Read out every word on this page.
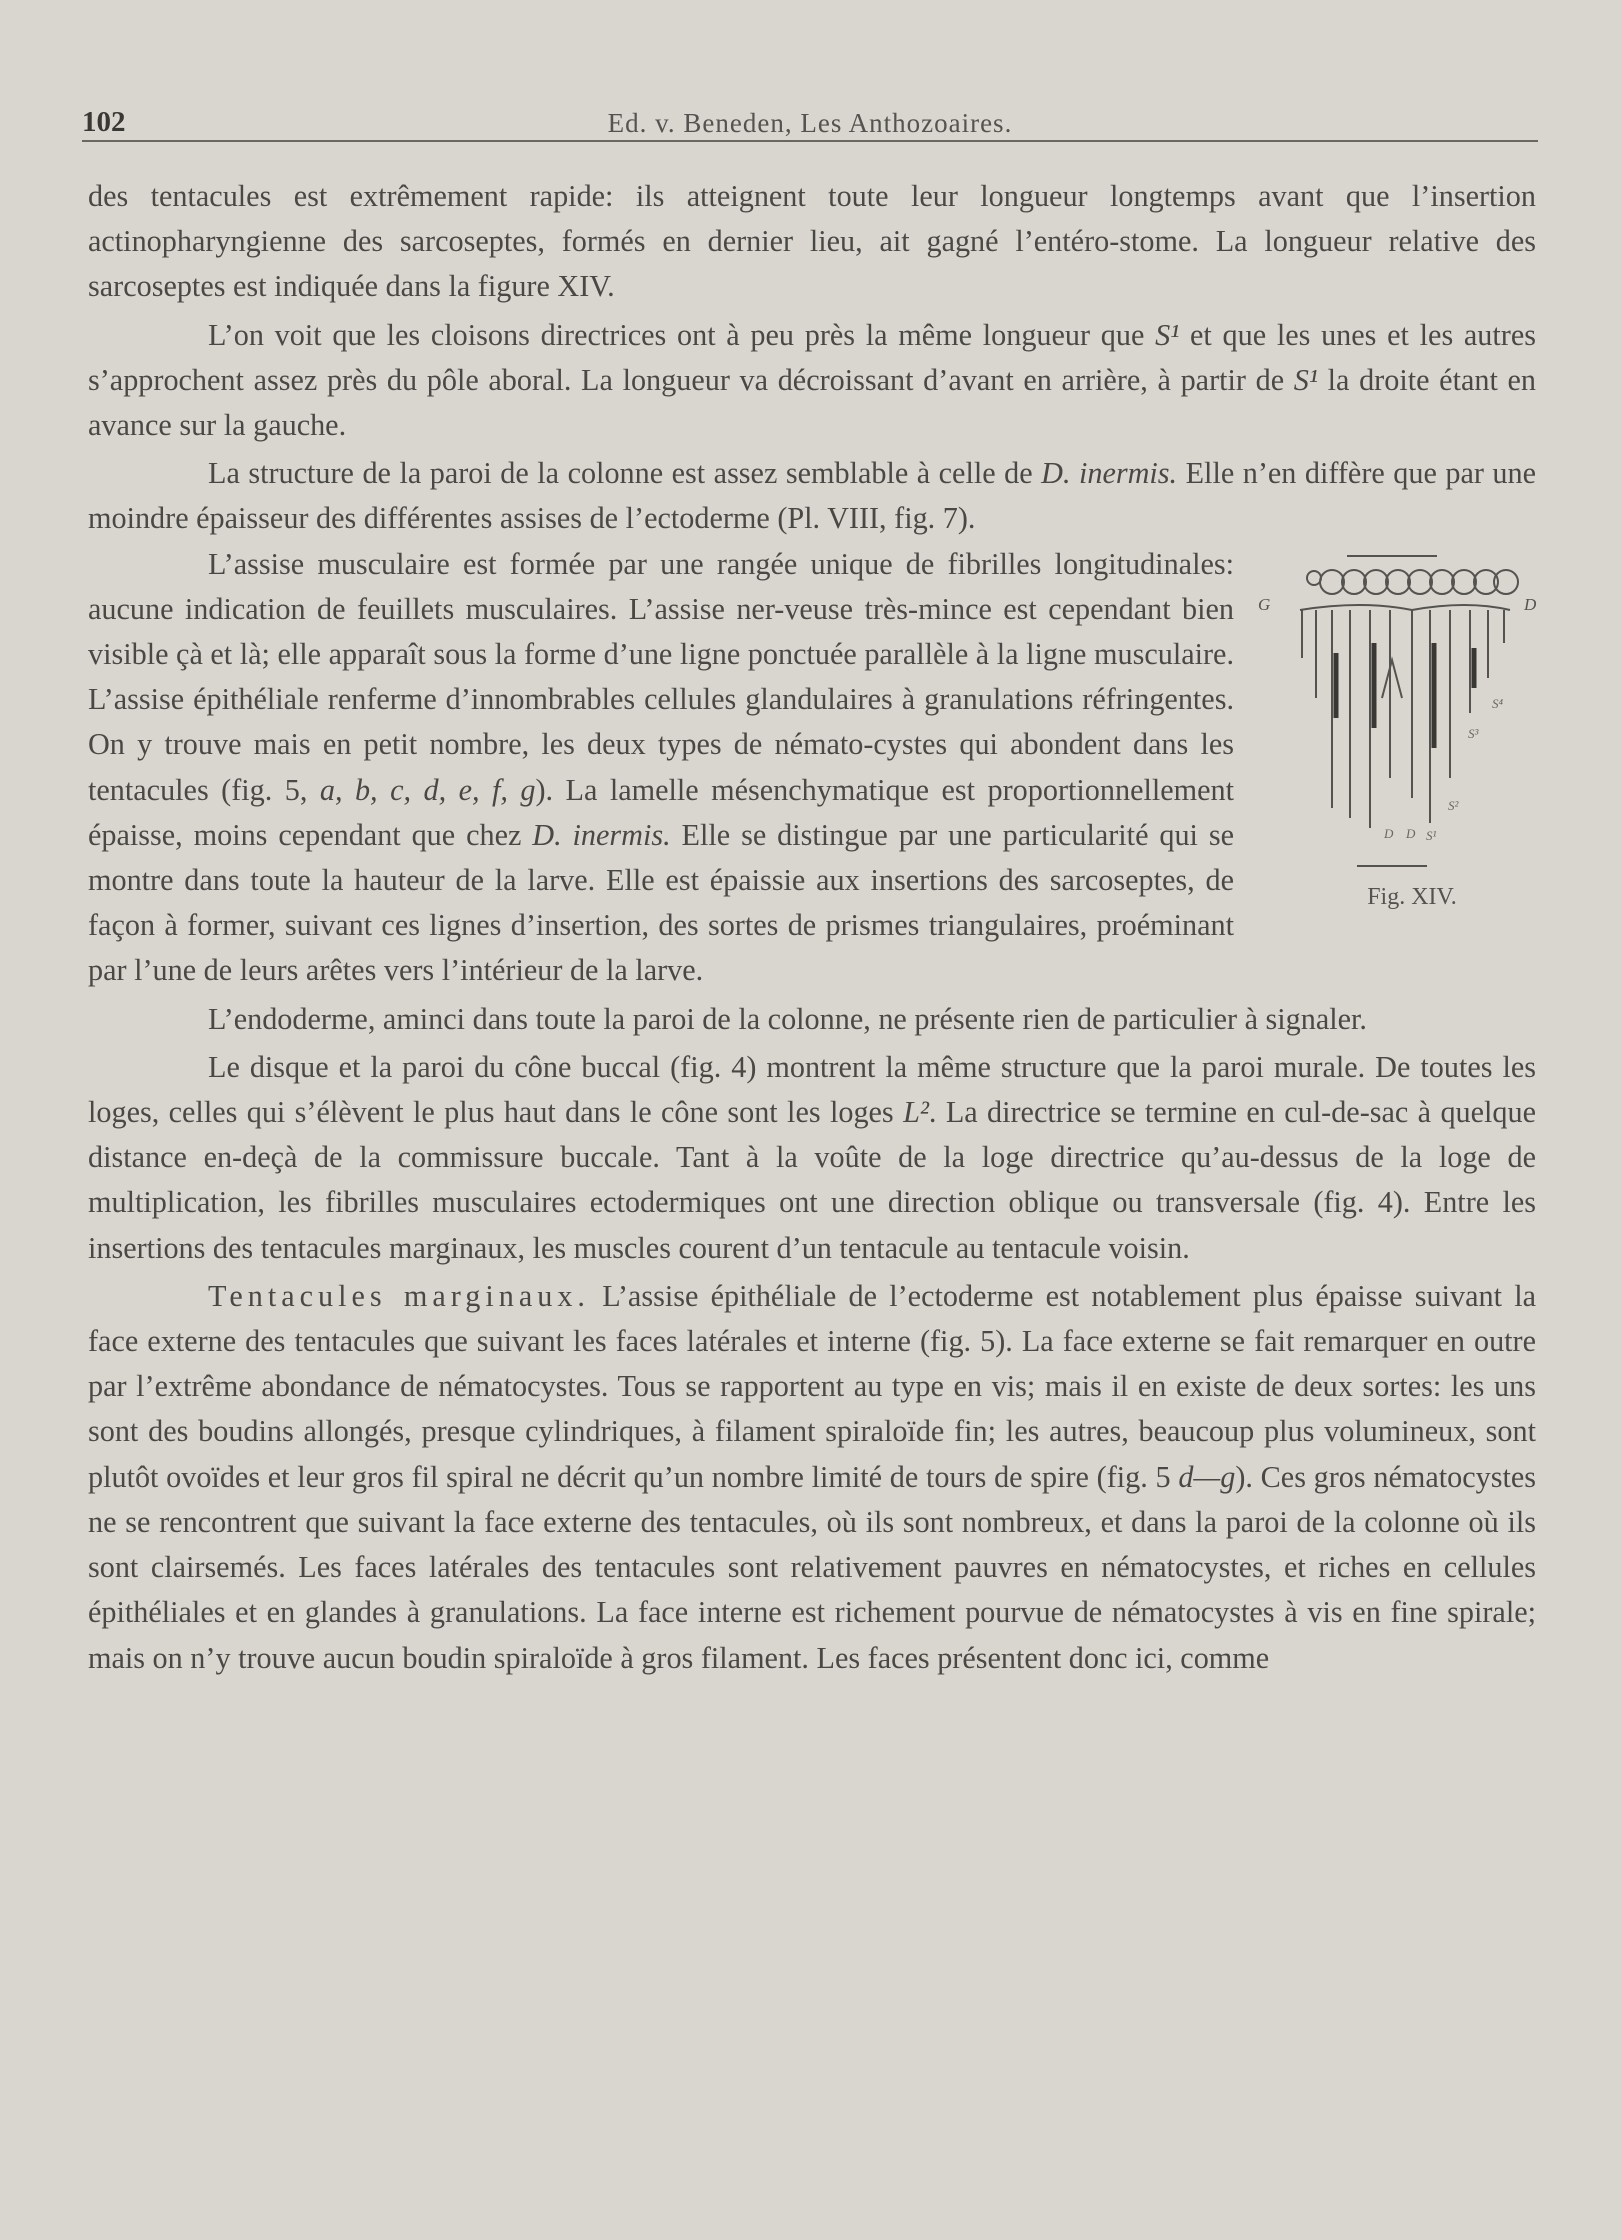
102	Ed. v. Beneden, Les Anthozoaires.

des tentacules est extrêmement rapide: ils atteignent toute leur longueur longtemps avant que l’insertion actinopharyngienne des sarcoseptes, formés en dernier lieu, ait gagné l’entéro-stome. La longueur relative des sarcoseptes est indiquée dans la figure XIV.

L’on voit que les cloisons directrices ont à peu près la même longueur que S¹ et que les unes et les autres s’approchent assez près du pôle aboral. La longueur va décroissant d’avant en arrière, à partir de S¹ la droite étant en avance sur la gauche.

La structure de la paroi de la colonne est assez semblable à celle de D. inermis. Elle n’en diffère que par une moindre épaisseur des différentes assises de l’ectoderme (Pl. VIII, fig. 7).

G	D
S⁴
S³
S²
D D S¹
Fig. XIV.

L’assise musculaire est formée par une rangée unique de fibrilles longitudinales: aucune indication de feuillets musculaires. L’assise ner-veuse très-mince est cependant bien visible çà et là; elle apparaît sous la forme d’une ligne ponctuée parallèle à la ligne musculaire. L’assise épithéliale renferme d’innombrables cellules glandulaires à granulations réfringentes. On y trouve mais en petit nombre, les deux types de némato-cystes qui abondent dans les tentacules (fig. 5, a, b, c, d, e, f, g). La lamelle mésenchymatique est proportionnellement épaisse, moins cependant que chez D. inermis. Elle se distingue par une particularité qui se montre dans toute la hauteur de la larve. Elle est épaissie aux insertions des sarcoseptes, de façon à former, suivant ces lignes d’insertion, des sortes de prismes triangulaires, proéminant par l’une de leurs arêtes vers l’intérieur de la larve.

L’endoderme, aminci dans toute la paroi de la colonne, ne présente rien de particulier à signaler.

Le disque et la paroi du cône buccal (fig. 4) montrent la même structure que la paroi murale. De toutes les loges, celles qui s’élèvent le plus haut dans le cône sont les loges L². La directrice se termine en cul-de-sac à quelque distance en-deçà de la commissure buccale. Tant à la voûte de la loge directrice qu’au-dessus de la loge de multiplication, les fibrilles musculaires ectodermiques ont une direction oblique ou transversale (fig. 4). Entre les insertions des tentacules marginaux, les muscles courent d’un tentacule au tentacule voisin.

Tentacules marginaux. L’assise épithéliale de l’ectoderme est notablement plus épaisse suivant la face externe des tentacules que suivant les faces latérales et interne (fig. 5). La face externe se fait remarquer en outre par l’extrême abondance de nématocystes. Tous se rapportent au type en vis; mais il en existe de deux sortes: les uns sont des boudins allongés, presque cylindriques, à filament spiraloïde fin; les autres, beaucoup plus volumineux, sont plutôt ovoïdes et leur gros fil spiral ne décrit qu’un nombre limité de tours de spire (fig. 5 d—g). Ces gros nématocystes ne se rencontrent que suivant la face externe des tentacules, où ils sont nombreux, et dans la paroi de la colonne où ils sont clairsemés. Les faces latérales des tentacules sont relativement pauvres en nématocystes, et riches en cellules épithéliales et en glandes à granulations. La face interne est richement pourvue de nématocystes à vis en fine spirale; mais on n’y trouve aucun boudin spiraloïde à gros filament. Les faces présentent donc ici, comme
